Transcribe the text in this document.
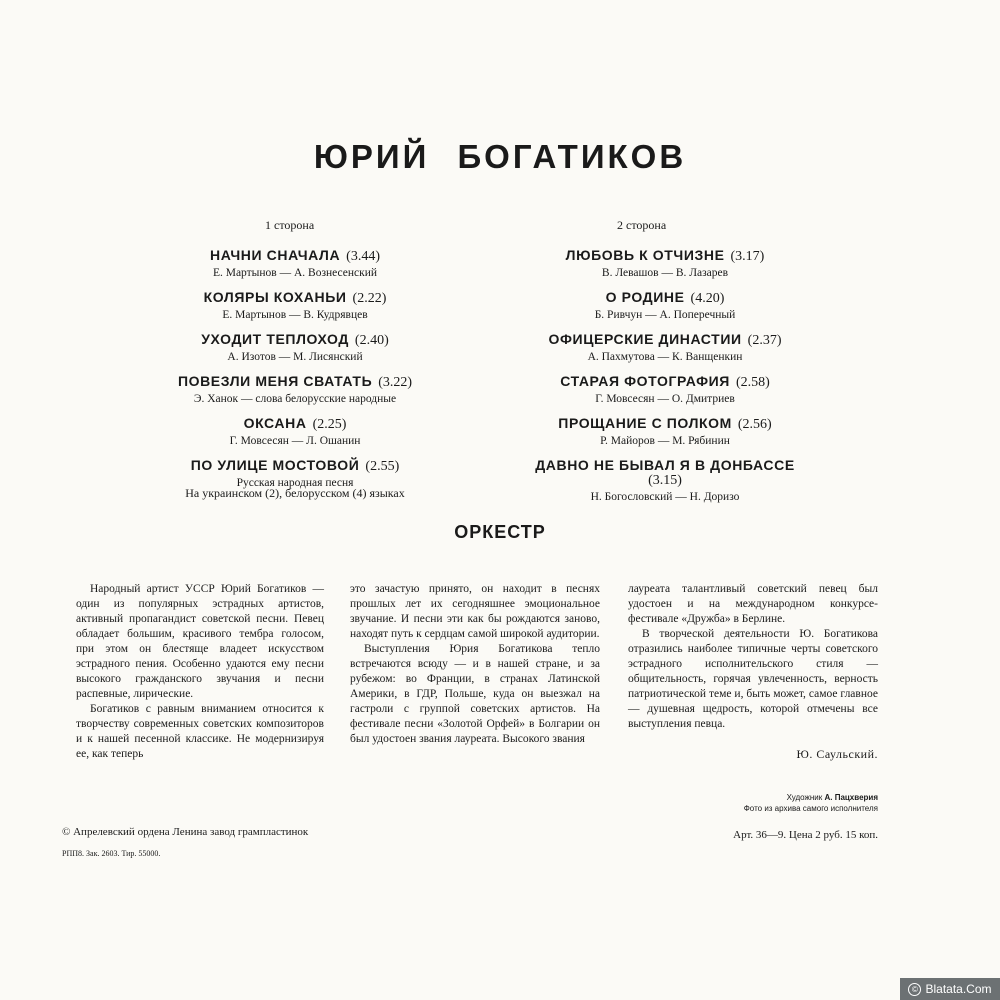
ЮРИЙ БОГАТИКОВ
1 сторона
НАЧНИ СНАЧАЛА (3.44)
Е. Мартынов — А. Вознесенский
КОЛЯРЫ КОХАНЬИ (2.22)
Е. Мартынов — В. Кудрявцев
УХОДИТ ТЕПЛОХОД (2.40)
А. Изотов — М. Лисянский
ПОВЕЗЛИ МЕНЯ СВАТАТЬ (3.22)
Э. Ханок — слова белорусские народные
ОКСАНА (2.25)
Г. Мовсесян — Л. Ошанин
ПО УЛИЦЕ МОСТОВОЙ (2.55)
Русская народная песня
На украинском (2), белорусском (4) языках
2 сторона
ЛЮБОВЬ К ОТЧИЗНЕ (3.17)
В. Левашов — В. Лазарев
О РОДИНЕ (4.20)
Б. Ривчун — А. Поперечный
ОФИЦЕРСКИЕ ДИНАСТИИ (2.37)
А. Пахмутова — К. Ванщенкин
СТАРАЯ ФОТОГРАФИЯ (2.58)
Г. Мовсесян — О. Дмитриев
ПРОЩАНИЕ С ПОЛКОМ (2.56)
Р. Майоров — М. Рябинин
ДАВНО НЕ БЫВАЛ Я В ДОНБАССЕ
(3.15)
Н. Богословский — Н. Доризо
ОРКЕСТР

Народный артист УССР Юрий Богатиков — один из популярных эстрадных артистов, активный пропагандист советской песни. Певец обладает большим, красивого тембра голосом, при этом он блестяще владеет искусством эстрадного пения. Особенно удаются ему песни высокого гражданского звучания и песни распевные, лирические.

Богатиков с равным вниманием относится к творчеству современных советских композиторов и к нашей песенной классике. Не модернизируя ее, как теперь

это зачастую принято, он находит в песнях прошлых лет их сегодняшнее эмоциональное звучание. И песни эти как бы рождаются заново, находят путь к сердцам самой широкой аудитории.

Выступления Юрия Богатикова тепло встречаются всюду — и в нашей стране, и за рубежом: во Франции, в странах Латинской Америки, в ГДР, Польше, куда он выезжал на гастроли с группой советских артистов. На фестивале песни «Золотой Орфей» в Болгарии он был удостоен звания лауреата. Высокого звания

лауреата талантливый советский певец был удостоен и на международном конкурсе-фестивале «Дружба» в Берлине.

В творческой деятельности Ю. Богатикова отразились наиболее типичные черты советского эстрадного исполнительского стиля — общительность, горячая увлеченность, верность патриотической теме и, быть может, самое главное — душевная щедрость, которой отмечены все выступления певца.

Ю. Саульский.
Художник А. Пацхверия
Фото из архива самого исполнителя
© Апрелевский ордена Ленина завод грампластинок	Арт. 36—9. Цена 2 руб. 15 коп.
РПП8. Зак. 2603. Тир. 55000.
© Blatata.Com
